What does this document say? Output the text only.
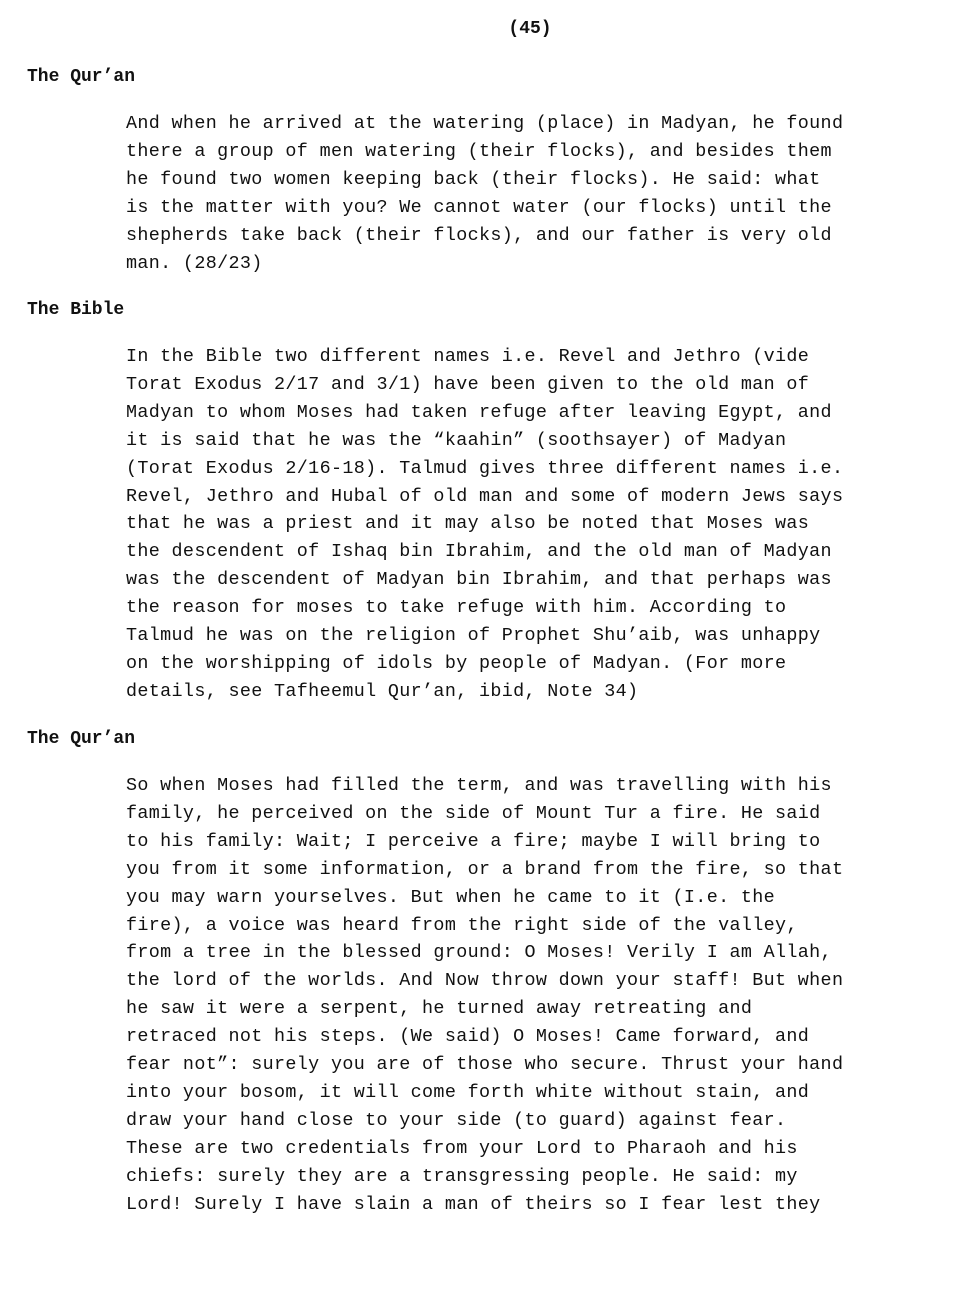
(45)
The Qur’an
And when he arrived at the watering (place) in Madyan, he found
there a group of men watering (their flocks), and besides them
he found two women keeping back (their flocks). He said: what
is the matter with you? We cannot water (our flocks) until the
shepherds take back (their flocks), and our father is very old
man. (28/23)
The Bible
In the Bible two different names i.e. Revel and Jethro (vide
Torat Exodus 2/17 and 3/1) have been given to the old man of
Madyan to whom Moses had taken refuge after leaving Egypt, and
it is said that he was the “kaahin” (soothsayer) of Madyan
(Torat Exodus 2/16-18). Talmud gives three different names i.e.
Revel, Jethro and Hubal of old man and some of modern Jews says
that he was a priest and it may also be noted that Moses was
the descendent of Ishaq bin Ibrahim, and the old man of Madyan
was the descendent of Madyan bin Ibrahim, and that perhaps was
the reason for moses to take refuge with him. According to
Talmud he was on the religion of Prophet Shu’aib, was unhappy
on the worshipping of idols by people of Madyan. (For more
details, see Tafheemul Qur’an, ibid, Note 34)
The Qur’an
So when Moses had filled the term, and was travelling with his
family, he perceived on the side of Mount Tur a fire. He said
to his family: Wait; I perceive a fire; maybe I will bring to
you from it some information, or a brand from the fire, so that
you may warn yourselves. But when he came to it (I.e. the
fire), a voice was heard from the right side of the valley,
from a tree in the blessed ground: O Moses! Verily I am Allah,
the lord of the worlds. And Now throw down your staff! But when
he saw it were a serpent, he turned away retreating and
retraced not his steps. (We said) O Moses! Came forward, and
fear not”: surely you are of those who secure. Thrust your hand
into your bosom, it will come forth white without stain, and
draw your hand close to your side (to guard) against fear.
These are two credentials from your Lord to Pharaoh and his
chiefs: surely they are a transgressing people. He said: my
Lord! Surely I have slain a man of theirs so I fear lest they
